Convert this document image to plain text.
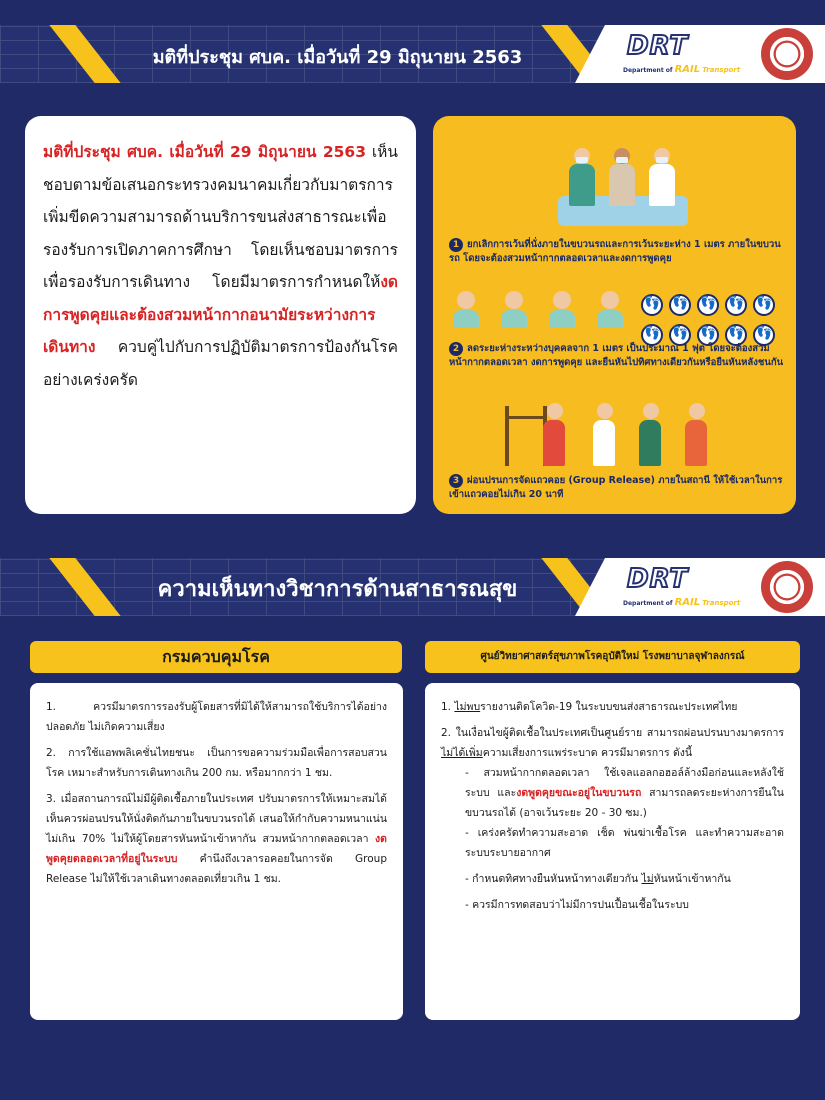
มติที่ประชุม ศบค. เมื่อวันที่ 29 มิถุนายน 2563	DRT
Department of RAIL Transport

มติที่ประชุม ศบค. เมื่อวันที่ 29 มิถุนายน 2563 เห็นชอบตามข้อเสนอกระทรวงคมนาคมเกี่ยวกับมาตรการเพิ่มขีดความสามารถด้านบริการขนส่งสาธารณะเพื่อรองรับการเปิดภาคการศึกษา โดยเห็นชอบมาตรการเพื่อรองรับการเดินทาง โดยมีมาตรการกำหนดให้งดการพูดคุยและต้องสวมหน้ากากอนามัยระหว่างการเดินทาง ควบคู่ไปกับการปฏิบัติมาตรการป้องกันโรคอย่างเคร่งครัด

1 ยกเลิกการเว้นที่นั่งภายในขบวนรถและการเว้นระยะห่าง 1 เมตร ภายในขบวนรถ โดยจะต้องสวมหน้ากากตลอดเวลาและงดการพูดคุย
👣
👣
👣
👣
👣
👣
👣
👣
👣
👣
2 ลดระยะห่างระหว่างบุคคลจาก 1 เมตร เป็นประมาณ 1 ฟุต โดยจะต้องสวมหน้ากากตลอดเวลา งดการพูดคุย และยืนหันไปทิศทางเดียวกันหรือยืนหันหลังชนกัน
3 ผ่อนปรนการจัดแถวคอย (Group Release) ภายในสถานี ให้ใช้เวลาในการเข้าแถวคอยไม่เกิน 20 นาที
ความเห็นทางวิชาการด้านสาธารณสุข	DRT
Department of RAIL Transport
กรมควบคุมโรค

1. ควรมีมาตรการรองรับผู้โดยสารที่มิได้ให้สามารถใช้บริการได้อย่างปลอดภัย ไม่เกิดความเสี่ยง

2. การใช้แอพพลิเคชั่นไทยชนะ เป็นการขอความร่วมมือเพื่อการสอบสวนโรค เหมาะสำหรับการเดินทางเกิน 200 กม. หรือมากกว่า 1 ชม.

3. เมื่อสถานการณ์ไม่มีผู้ติดเชื้อภายในประเทศ ปรับมาตรการให้เหมาะสมได้ เห็นควรผ่อนปรนให้นั่งติดกันภายในขบวนรถได้ เสนอให้กำกับความหนาแน่นไม่เกิน 70% ไม่ให้ผู้โดยสารหันหน้าเข้าหากัน สวมหน้ากากตลอดเวลา งดพูดคุยตลอดเวลาที่อยู่ในระบบ คำนึงถึงเวลารอคอยในการจัด Group Release ไม่ให้ใช้เวลาเดินทางตลอดเที่ยวเกิน 1 ชม.

ศูนย์วิทยาศาสตร์สุขภาพโรคอุบัติใหม่ โรงพยาบาลจุฬาลงกรณ์

1. ไม่พบรายงานติดโควิด-19 ในระบบขนส่งสาธารณะประเทศไทย

2. ในเงื่อนไขผู้ติดเชื้อในประเทศเป็นศูนย์ราย สามารถผ่อนปรนบางมาตรการ ไม่ได้เพิ่มความเสี่ยงการแพร่ระบาด ควรมีมาตรการ ดังนี้

- สวมหน้ากากตลอดเวลา ใช้เจลแอลกอฮอล์ล้างมือก่อนและหลังใช้ระบบ และงดพูดคุยขณะอยู่ในขบวนรถ สามารถลดระยะห่างการยืนในขบวนรถได้ (อาจเว้นระยะ 20 - 30 ซม.)

- เคร่งครัดทำความสะอาด เช็ด พ่นฆ่าเชื้อโรค และทำความสะอาดระบบระบายอากาศ

- กำหนดทิศทางยืนหันหน้าทางเดียวกัน ไม่หันหน้าเข้าหากัน

- ควรมีการทดสอบว่าไม่มีการปนเปื้อนเชื้อในระบบ
